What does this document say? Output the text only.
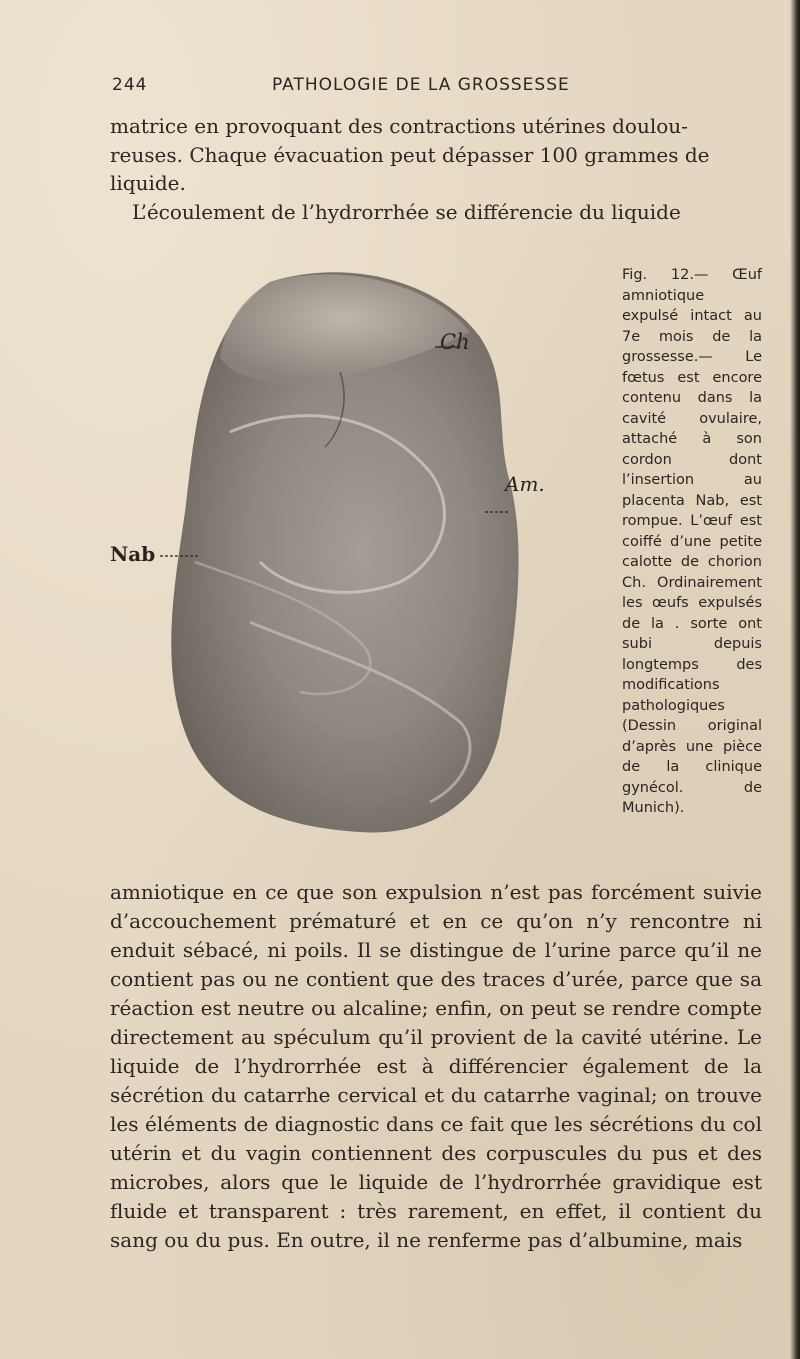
244	PATHOLOGIE DE LA GROSSESSE

matrice en provoquant des contractions utérines doulou-

reuses. Chaque évacuation peut dépasser 100 grammes de

liquide.

L’écoulement de l’hydrorrhée se différencie du liquide

Ch
Am.
Nab
Fig. 12.— Œuf amniotique expulsé intact au 7e mois de la grossesse.— Le fœtus est encore contenu dans la cavité ovulaire, attaché à son cordon dont l’insertion au placenta Nab, est rompue. L’œuf est coiffé d’une petite calotte de chorion Ch. Ordinairement les œufs expulsés de la . sorte ont subi depuis longtemps des modifications pathologiques (Dessin original d’après une pièce de la clinique gynécol. de Munich).

amniotique en ce que son expulsion n’est pas forcément suivie d’accouchement prématuré et en ce qu’on n’y rencontre ni enduit sébacé, ni poils. Il se distingue de l’urine parce qu’il ne contient pas ou ne contient que des traces d’urée, parce que sa réaction est neutre ou alcaline; enfin, on peut se rendre compte directement au spéculum qu’il provient de la cavité utérine. Le liquide de l’hydrorrhée est à différencier également de la sécrétion du catarrhe cervical et du catarrhe vaginal; on trouve les éléments de diagnostic dans ce fait que les sécrétions du col utérin et du vagin contiennent des corpuscules du pus et des microbes, alors que le liquide de l’hydrorrhée gravidique est fluide et transparent : très rarement, en effet, il contient du sang ou du pus. En outre, il ne renferme pas d’albumine, mais
